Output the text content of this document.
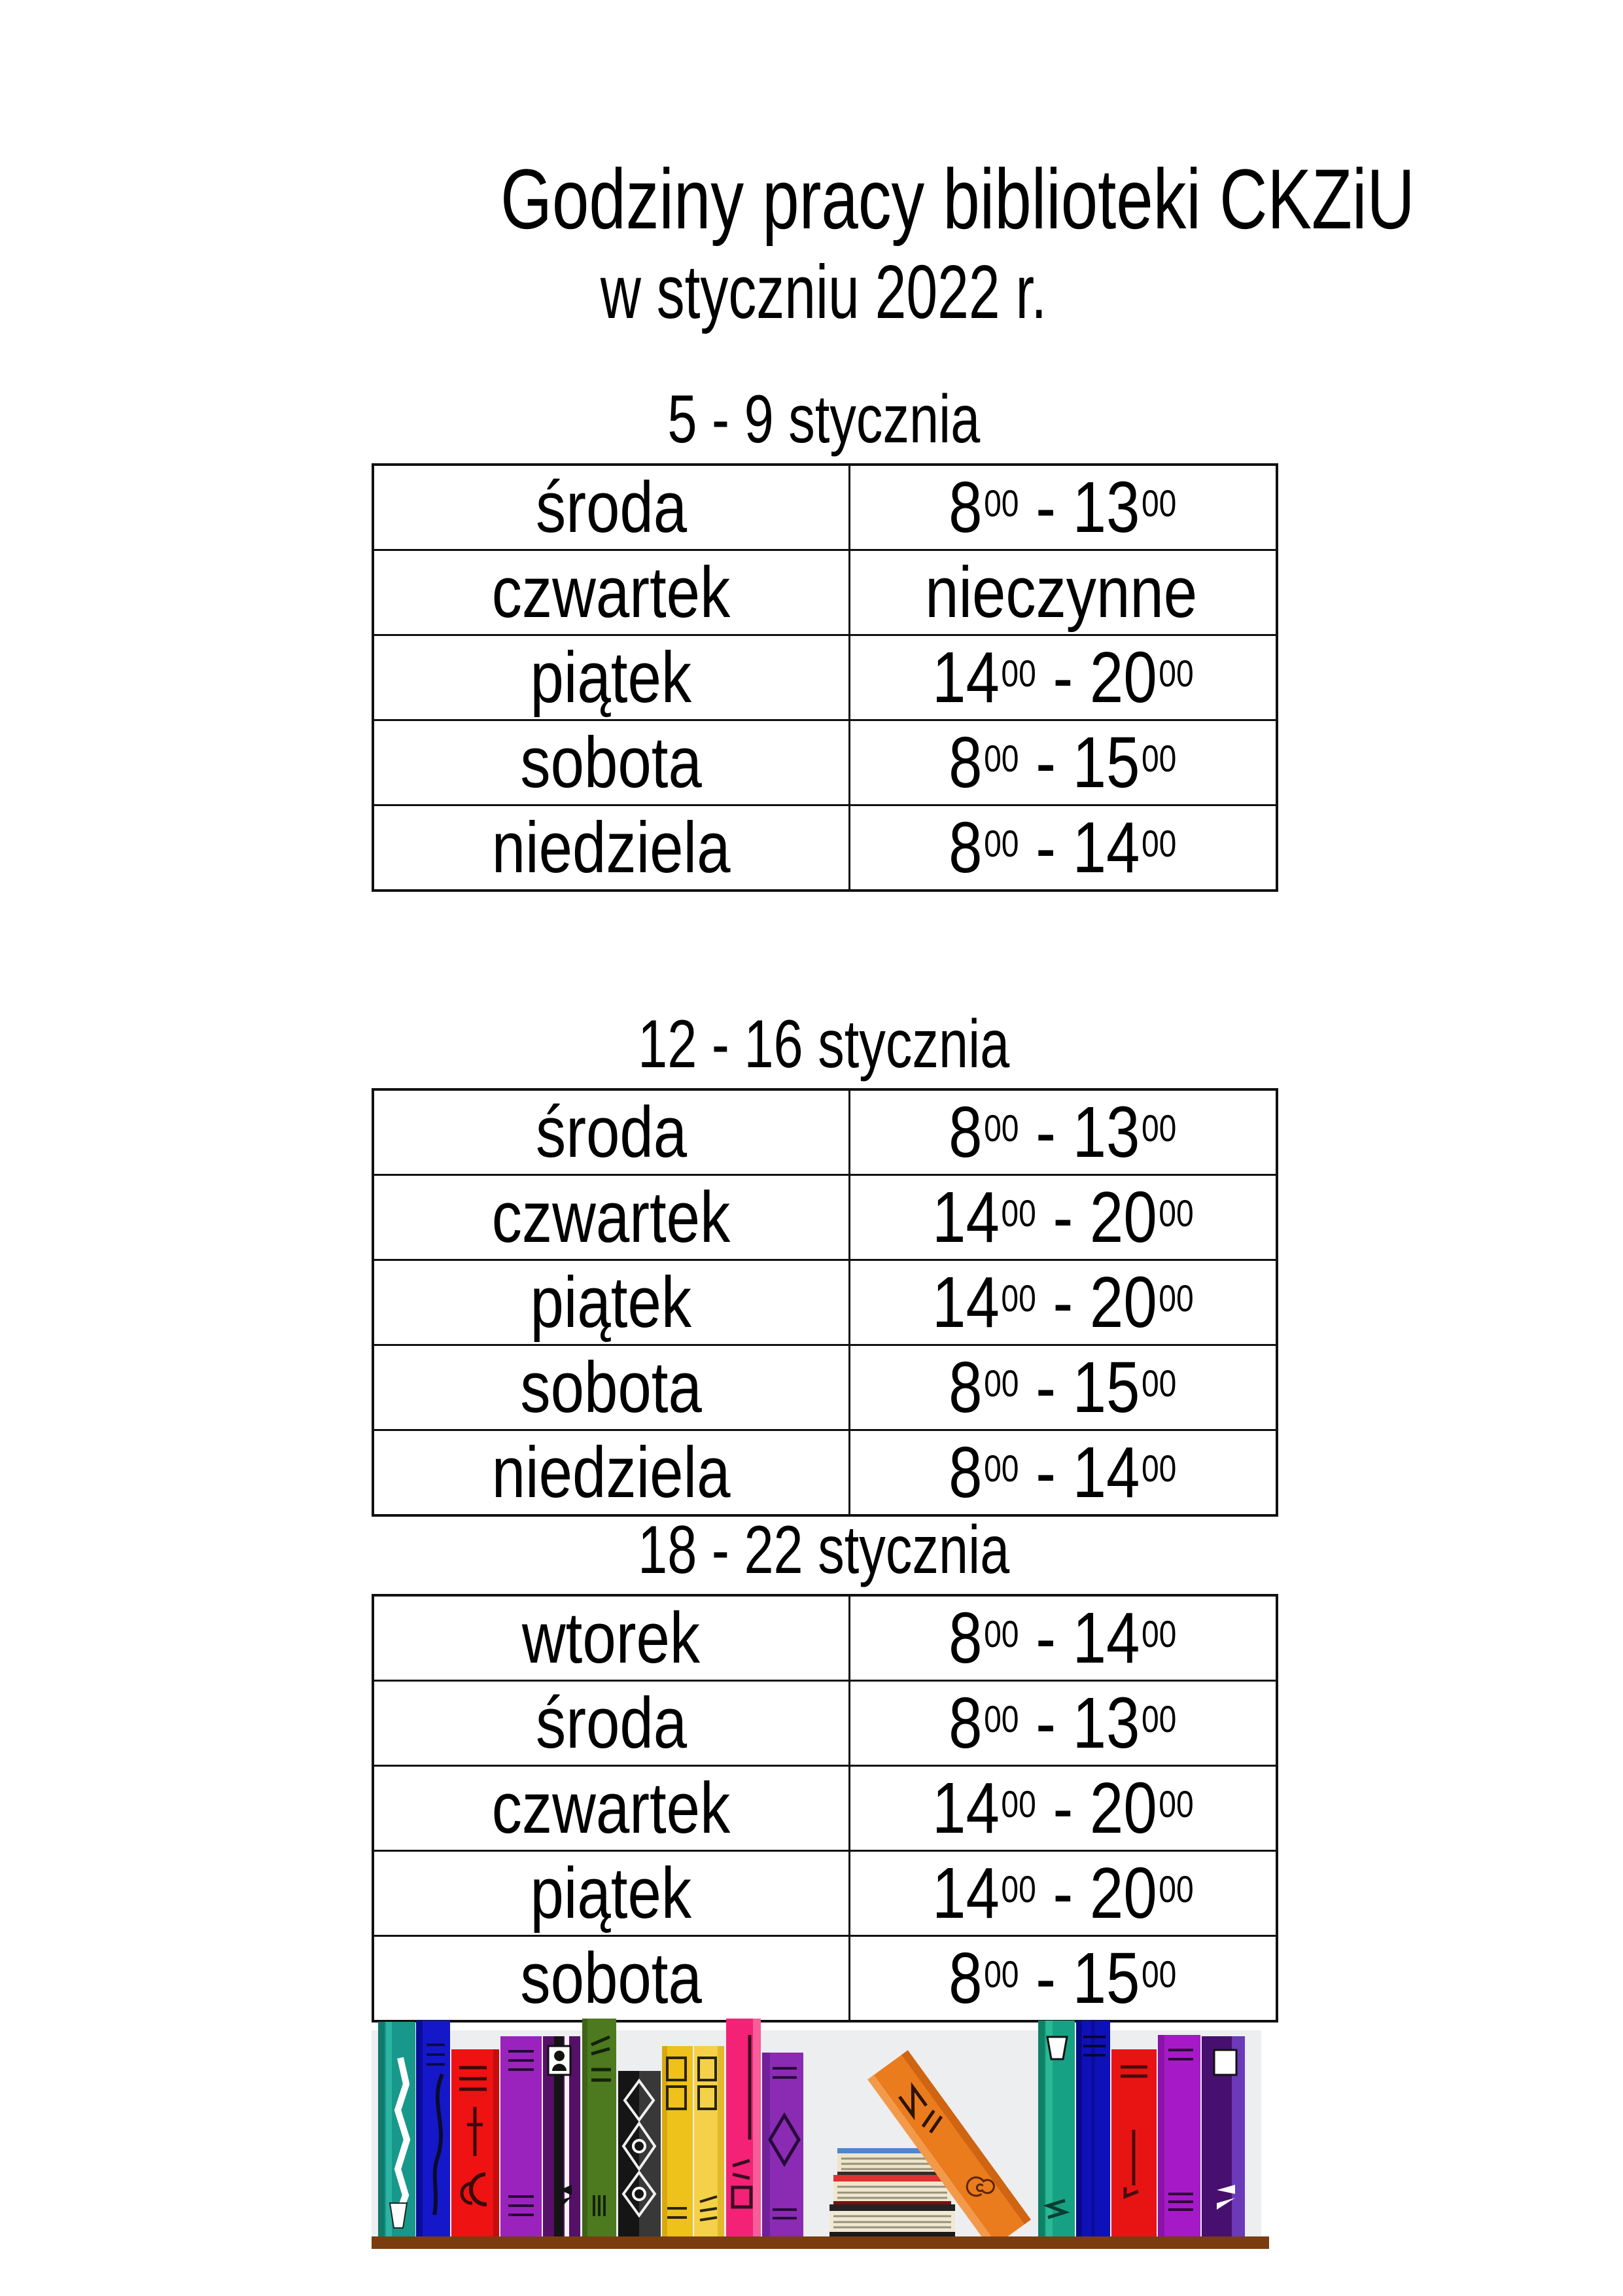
Godziny pracy biblioteki CKZiU
w styczniu 2022 r.
5 - 9 stycznia
środa	$8^{00} - 13^{00}$
czwartek	nieczynne
piątek	$14^{00} - 20^{00}$
sobota	$8^{00} - 15^{00}$
niedziela	$8^{00} - 14^{00}$
12 - 16 stycznia
środa	$8^{00} - 13^{00}$
czwartek	$14^{00} - 20^{00}$
piątek	$14^{00} - 20^{00}$
sobota	$8^{00} - 15^{00}$
niedziela	$8^{00} - 14^{00}$
18 - 22 stycznia
wtorek	$8^{00} - 14^{00}$
środa	$8^{00} - 13^{00}$
czwartek	$14^{00} - 20^{00}$
piątek	$14^{00} - 20^{00}$
sobota	$8^{00} - 15^{00}$
